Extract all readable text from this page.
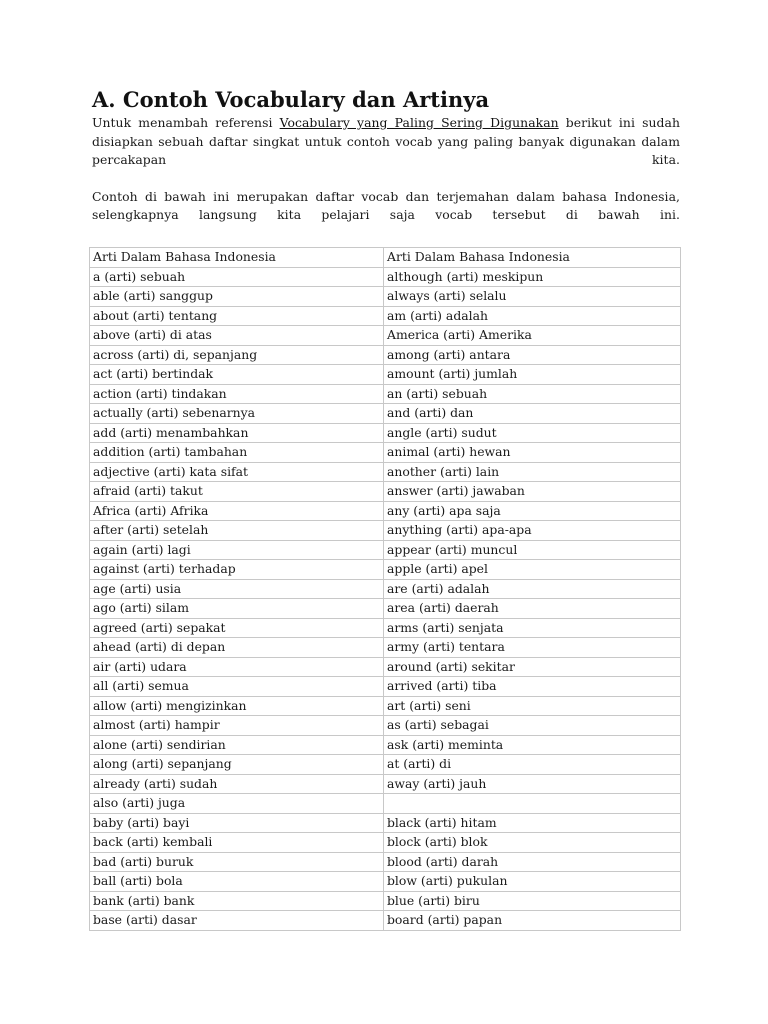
A. Contoh Vocabulary dan Artinya

Untuk menambah referensi Vocabulary yang Paling Sering Digunakan berikut ini sudah disiapkan sebuah daftar singkat untuk contoh vocab yang paling banyak digunakan dalam percakapan kita.

Contoh di bawah ini merupakan daftar vocab dan terjemahan dalam bahasa Indonesia, selengkapnya langsung kita pelajari saja vocab tersebut di bawah ini.

Arti Dalam Bahasa Indonesia	Arti Dalam Bahasa Indonesia
a (arti) sebuah	although (arti) meskipun
able (arti) sanggup	always (arti) selalu
about (arti) tentang	am (arti) adalah
above (arti) di atas	America (arti) Amerika
across (arti) di, sepanjang	among (arti) antara
act (arti) bertindak	amount (arti) jumlah
action (arti) tindakan	an (arti) sebuah
actually (arti) sebenarnya	and (arti) dan
add (arti) menambahkan	angle (arti) sudut
addition (arti) tambahan	animal (arti) hewan
adjective (arti) kata sifat	another (arti) lain
afraid (arti) takut	answer (arti) jawaban
Africa (arti) Afrika	any (arti) apa saja
after (arti) setelah	anything (arti) apa-apa
again (arti) lagi	appear (arti) muncul
against (arti) terhadap	apple (arti) apel
age (arti) usia	are (arti) adalah
ago (arti) silam	area (arti) daerah
agreed (arti) sepakat	arms (arti) senjata
ahead (arti) di depan	army (arti) tentara
air (arti) udara	around (arti) sekitar
all (arti) semua	arrived (arti) tiba
allow (arti) mengizinkan	art (arti) seni
almost (arti) hampir	as (arti) sebagai
alone (arti) sendirian	ask (arti) meminta
along (arti) sepanjang	at (arti) di
already (arti) sudah	away (arti) jauh
also (arti) juga	
baby (arti) bayi	black (arti) hitam
back (arti) kembali	block (arti) blok
bad (arti) buruk	blood (arti) darah
ball (arti) bola	blow (arti) pukulan
bank (arti) bank	blue (arti) biru
base (arti) dasar	board (arti) papan
